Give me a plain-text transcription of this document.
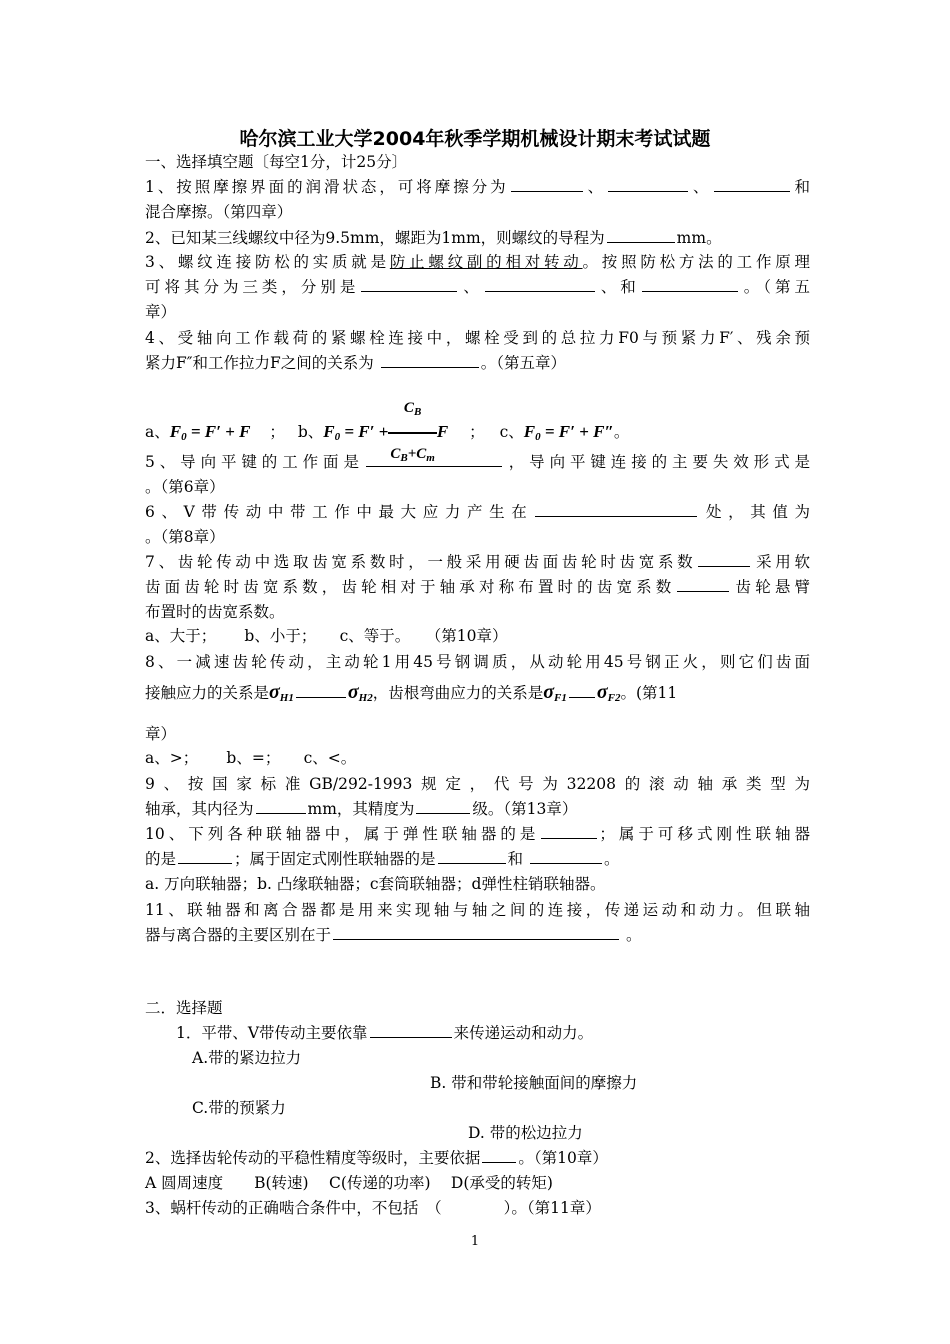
哈尔滨工业大学2004年秋季学期机械设计期末考试试题
一、选择填空题〔每空1分，计25分〕
1、按照摩擦界面的润滑状态，可将摩擦分为	、	、	和
混合摩擦。（第四章）
2、已知某三线螺纹中径为9.5mm，螺距为1mm，则螺纹的导程为	mm。
3、螺纹连接防松的实质就是防止螺纹副的相对转动。按照防松方法的工作原理
可将其分为三类，分别是	、	、和	。（第五
章）
4、受轴向工作载荷的紧螺栓连接中，螺栓受到的总拉力F0与预紧力F′、残余预
紧力F″和工作拉力F之间的关系为	。（第五章）
a、$F_0 = F' + F$ ； b、$F_0 = F' + \frac{C_B}{C_B+C_m}$ F ； c、$F_0 = F' + F''$。
5、导向平键的工作面是	，导向平键连接的主要失效形式是
。（第6章）
6、V带传动中带工作中最大应力产生在	处，其值为
。（第8章）
7、齿轮传动中选取齿宽系数时，一般采用硬齿面齿轮时齿宽系数	采用软
齿面齿轮时齿宽系数，齿轮相对于轴承对称布置时的齿宽系数	齿轮悬臂
布置时的齿宽系数。
a、大于；　　 b、小于；　　c、等于。　　（第10章）
8、一减速齿轮传动，主动轮1用45号钢调质，从动轮用45号钢正火，则它们齿面
接触应力的关系是$\sigma_{H1}$	$\sigma_{H2}$，齿根弯曲应力的关系是$\sigma_{F1}$ $\sigma_{F2}$。(第11
章）
a、>；　　 b、=；　　c、<。
9、按国家标准GB/292-1993规定，代号为32208的滚动轴承类型为
轴承，其内径为	mm，其精度为	级。（第13章）
10、下列各种联轴器中，属于弹性联轴器的是	；属于可移式刚性联轴器
的是	；属于固定式刚性联轴器的是	和	。
a. 万向联轴器；b. 凸缘联轴器；c套筒联轴器；d弹性柱销联轴器。
11、联轴器和离合器都是用来实现轴与轴之间的连接，传递运动和动力。但联轴
器与离合器的主要区别在于	。
二．选择题
1．平带、V带传动主要依靠	来传递运动和动力。
A.带的紧边拉力
B. 带和带轮接触面间的摩擦力
C.带的预紧力
D. 带的松边拉力
2、选择齿轮传动的平稳性精度等级时，主要依据 。（第10章）
A 圆周速度　　B(转速)　 C(传递的功率)　 D(承受的转矩)
3、蜗杆传动的正确啮合条件中，不包括　（　　　　）。（第11章）
1
